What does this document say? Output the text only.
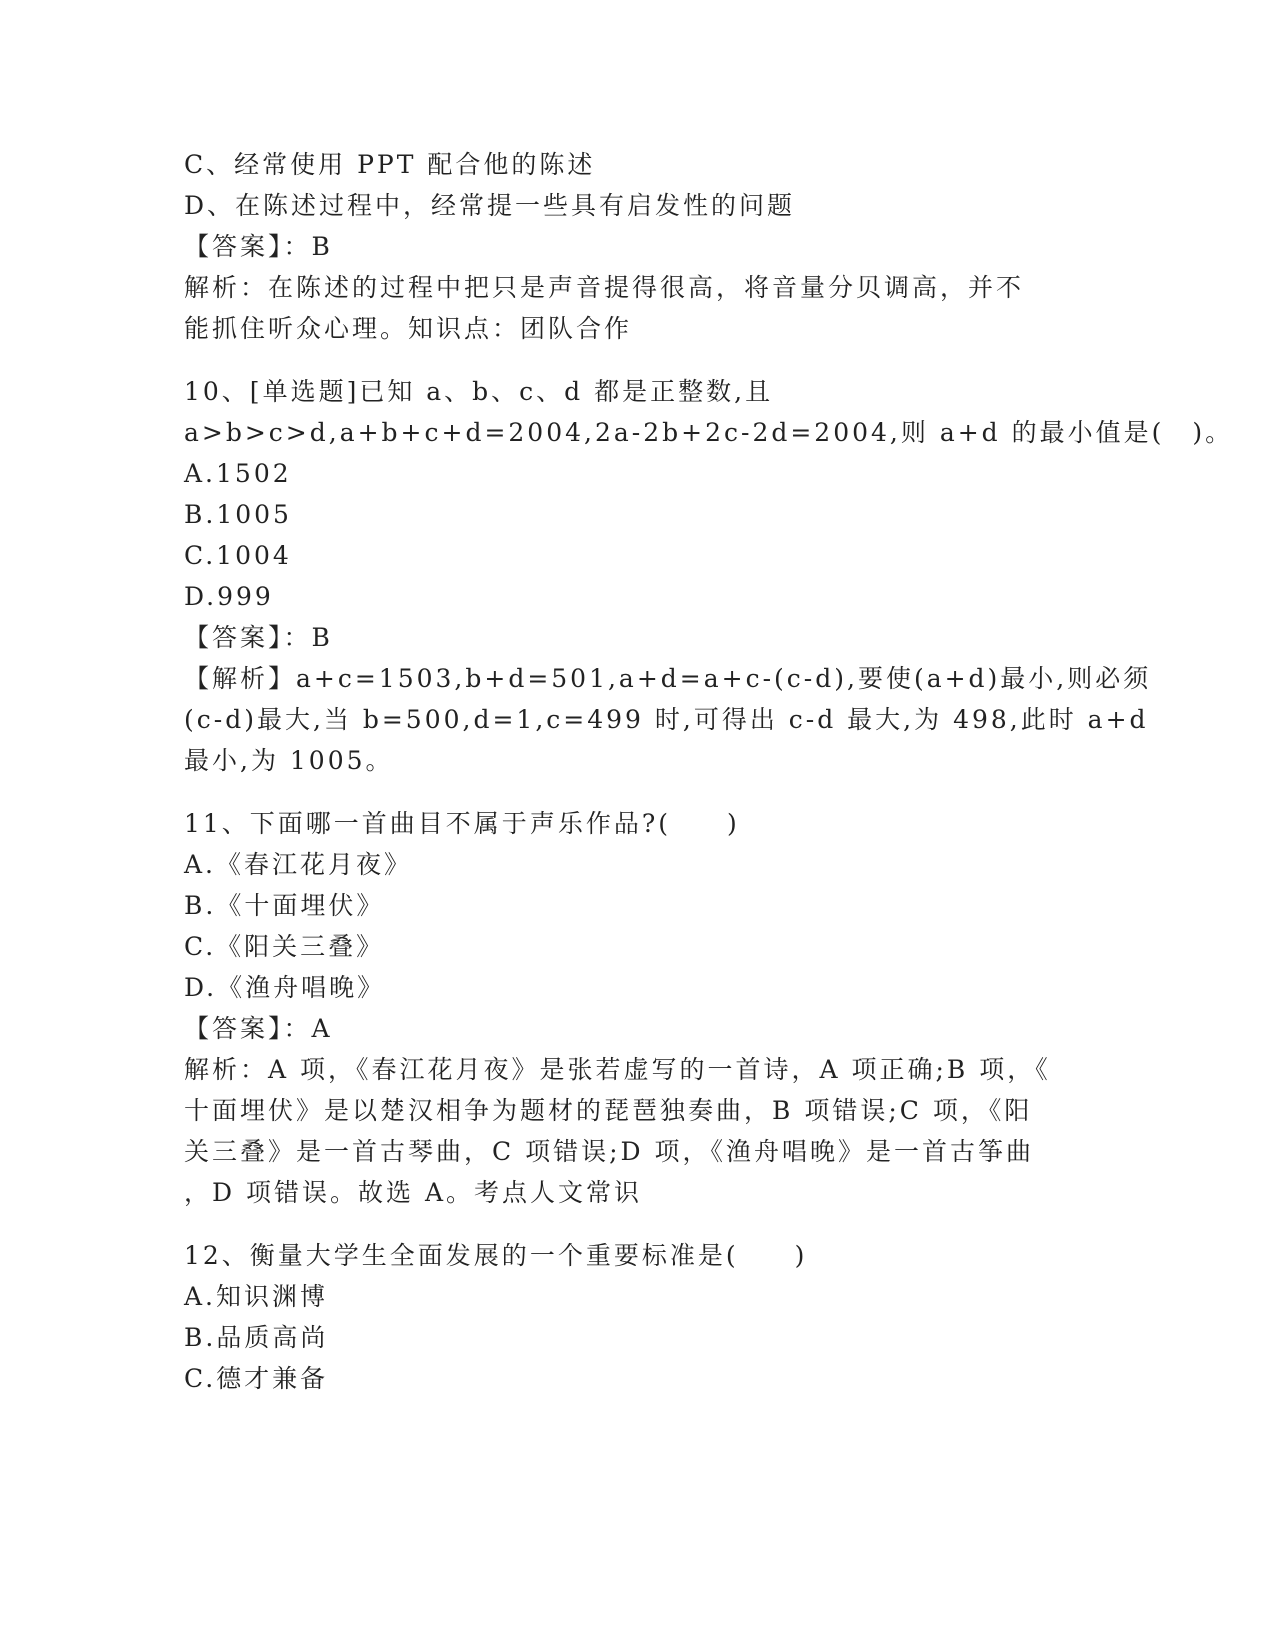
C、经常使用 PPT 配合他的陈述
D、在陈述过程中，经常提一些具有启发性的问题
【答案】：B
解析：在陈述的过程中把只是声音提得很高，将音量分贝调高，并不
能抓住听众心理。知识点：团队合作
10、[单选题]已知 a、b、c、d 都是正整数,且
a>b>c>d,a+b+c+d=2004,2a-2b+2c-2d=2004,则 a+d 的最小值是(　)。
A.1502
B.1005
C.1004
D.999
【答案】：B
【解析】a+c=1503,b+d=501,a+d=a+c-(c-d),要使(a+d)最小,则必须
(c-d)最大,当 b=500,d=1,c=499 时,可得出 c-d 最大,为 498,此时 a+d
最小,为 1005。
11、下面哪一首曲目不属于声乐作品?(　　)
A.《春江花月夜》
B.《十面埋伏》
C.《阳关三叠》
D.《渔舟唱晚》
【答案】：A
解析：A 项，《春江花月夜》是张若虚写的一首诗，A 项正确;B 项，《
十面埋伏》是以楚汉相争为题材的琵琶独奏曲，B 项错误;C 项，《阳
关三叠》是一首古琴曲，C 项错误;D 项，《渔舟唱晚》是一首古筝曲
，D 项错误。故选 A。考点人文常识
12、衡量大学生全面发展的一个重要标准是(　　)
A.知识渊博
B.品质高尚
C.德才兼备
